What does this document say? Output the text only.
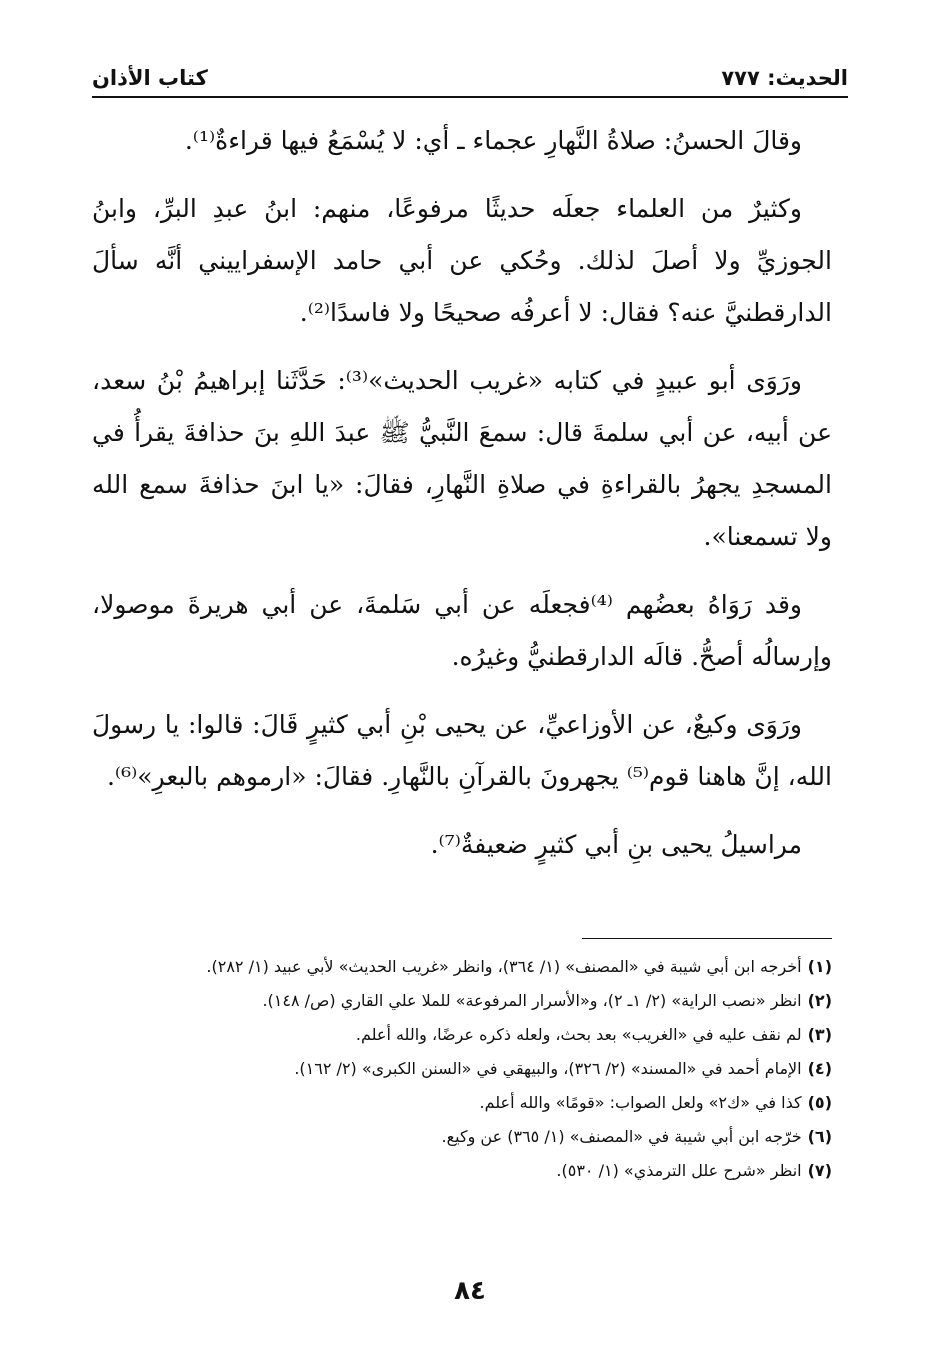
الحديث: ٧٧٧
كتاب الأذان

وقالَ الحسنُ: صلاةُ النَّهارِ عجماء ـ أي: لا يُسْمَعُ فيها قراءةٌ⁽¹⁾.

وكثيرٌ من العلماء جعلَه حديثًا مرفوعًا، منهم: ابنُ عبدِ البرِّ، وابنُ الجوزيِّ ولا أصلَ لذلك. وحُكي عن أبي حامد الإسفراييني أنَّه سألَ الدارقطنيَّ عنه؟ فقال: لا أعرفُه صحيحًا ولا فاسدًا⁽²⁾.

ورَوَى أبو عبيدٍ في كتابه «غريب الحديث»⁽³⁾: حَدَّثَنا إبراهيمُ بْنُ سعد، عن أبيه، عن أبي سلمةَ قال: سمعَ النَّبيُّ ﷺ عبدَ اللهِ بنَ حذافةَ يقرأُ في المسجدِ يجهرُ بالقراءةِ في صلاةِ النَّهارِ، فقالَ: «يا ابنَ حذافةَ سمع الله ولا تسمعنا».

وقد رَوَاهُ بعضُهم ⁽⁴⁾فجعلَه عن أبي سَلمةَ، عن أبي هريرةَ موصولا، وإرسالُه أصحُّ. قالَه الدارقطنيُّ وغيرُه.

ورَوَى وكيعٌ، عن الأوزاعيِّ، عن يحيى بْنِ أبي كثيرٍ قَالَ: قالوا: يا رسولَ الله، إنَّ هاهنا قوم⁽⁵⁾ يجهرونَ بالقرآنِ بالنَّهارِ. فقالَ: «ارموهم بالبعرِ»⁽⁶⁾.

مراسيلُ يحيى بنِ أبي كثيرٍ ضعيفةٌ⁽⁷⁾.

(١)أخرجه ابن أبي شيبة في «المصنف» (١/ ٣٦٤)، وانظر «غريب الحديث» لأبي عبيد (١/ ٢٨٢).

(٢)انظر «نصب الراية» (٢/ ١ـ ٢)، و«الأسرار المرفوعة» للملا علي القاري (ص/ ١٤٨).

(٣)لم نقف عليه في «الغريب» بعد بحث، ولعله ذكره عرضًا، والله أعلم.

(٤)الإمام أحمد في «المسند» (٢/ ٣٢٦)، والبيهقي في «السنن الكبرى» (٢/ ١٦٢).

(٥)كذا في «ك٢» ولعل الصواب: «قومًا» والله أعلم.

(٦)خرّجه ابن أبي شيبة في «المصنف» (١/ ٣٦٥) عن وكيع.

(٧)انظر «شرح علل الترمذي» (١/ ٥٣٠).

٨٤
